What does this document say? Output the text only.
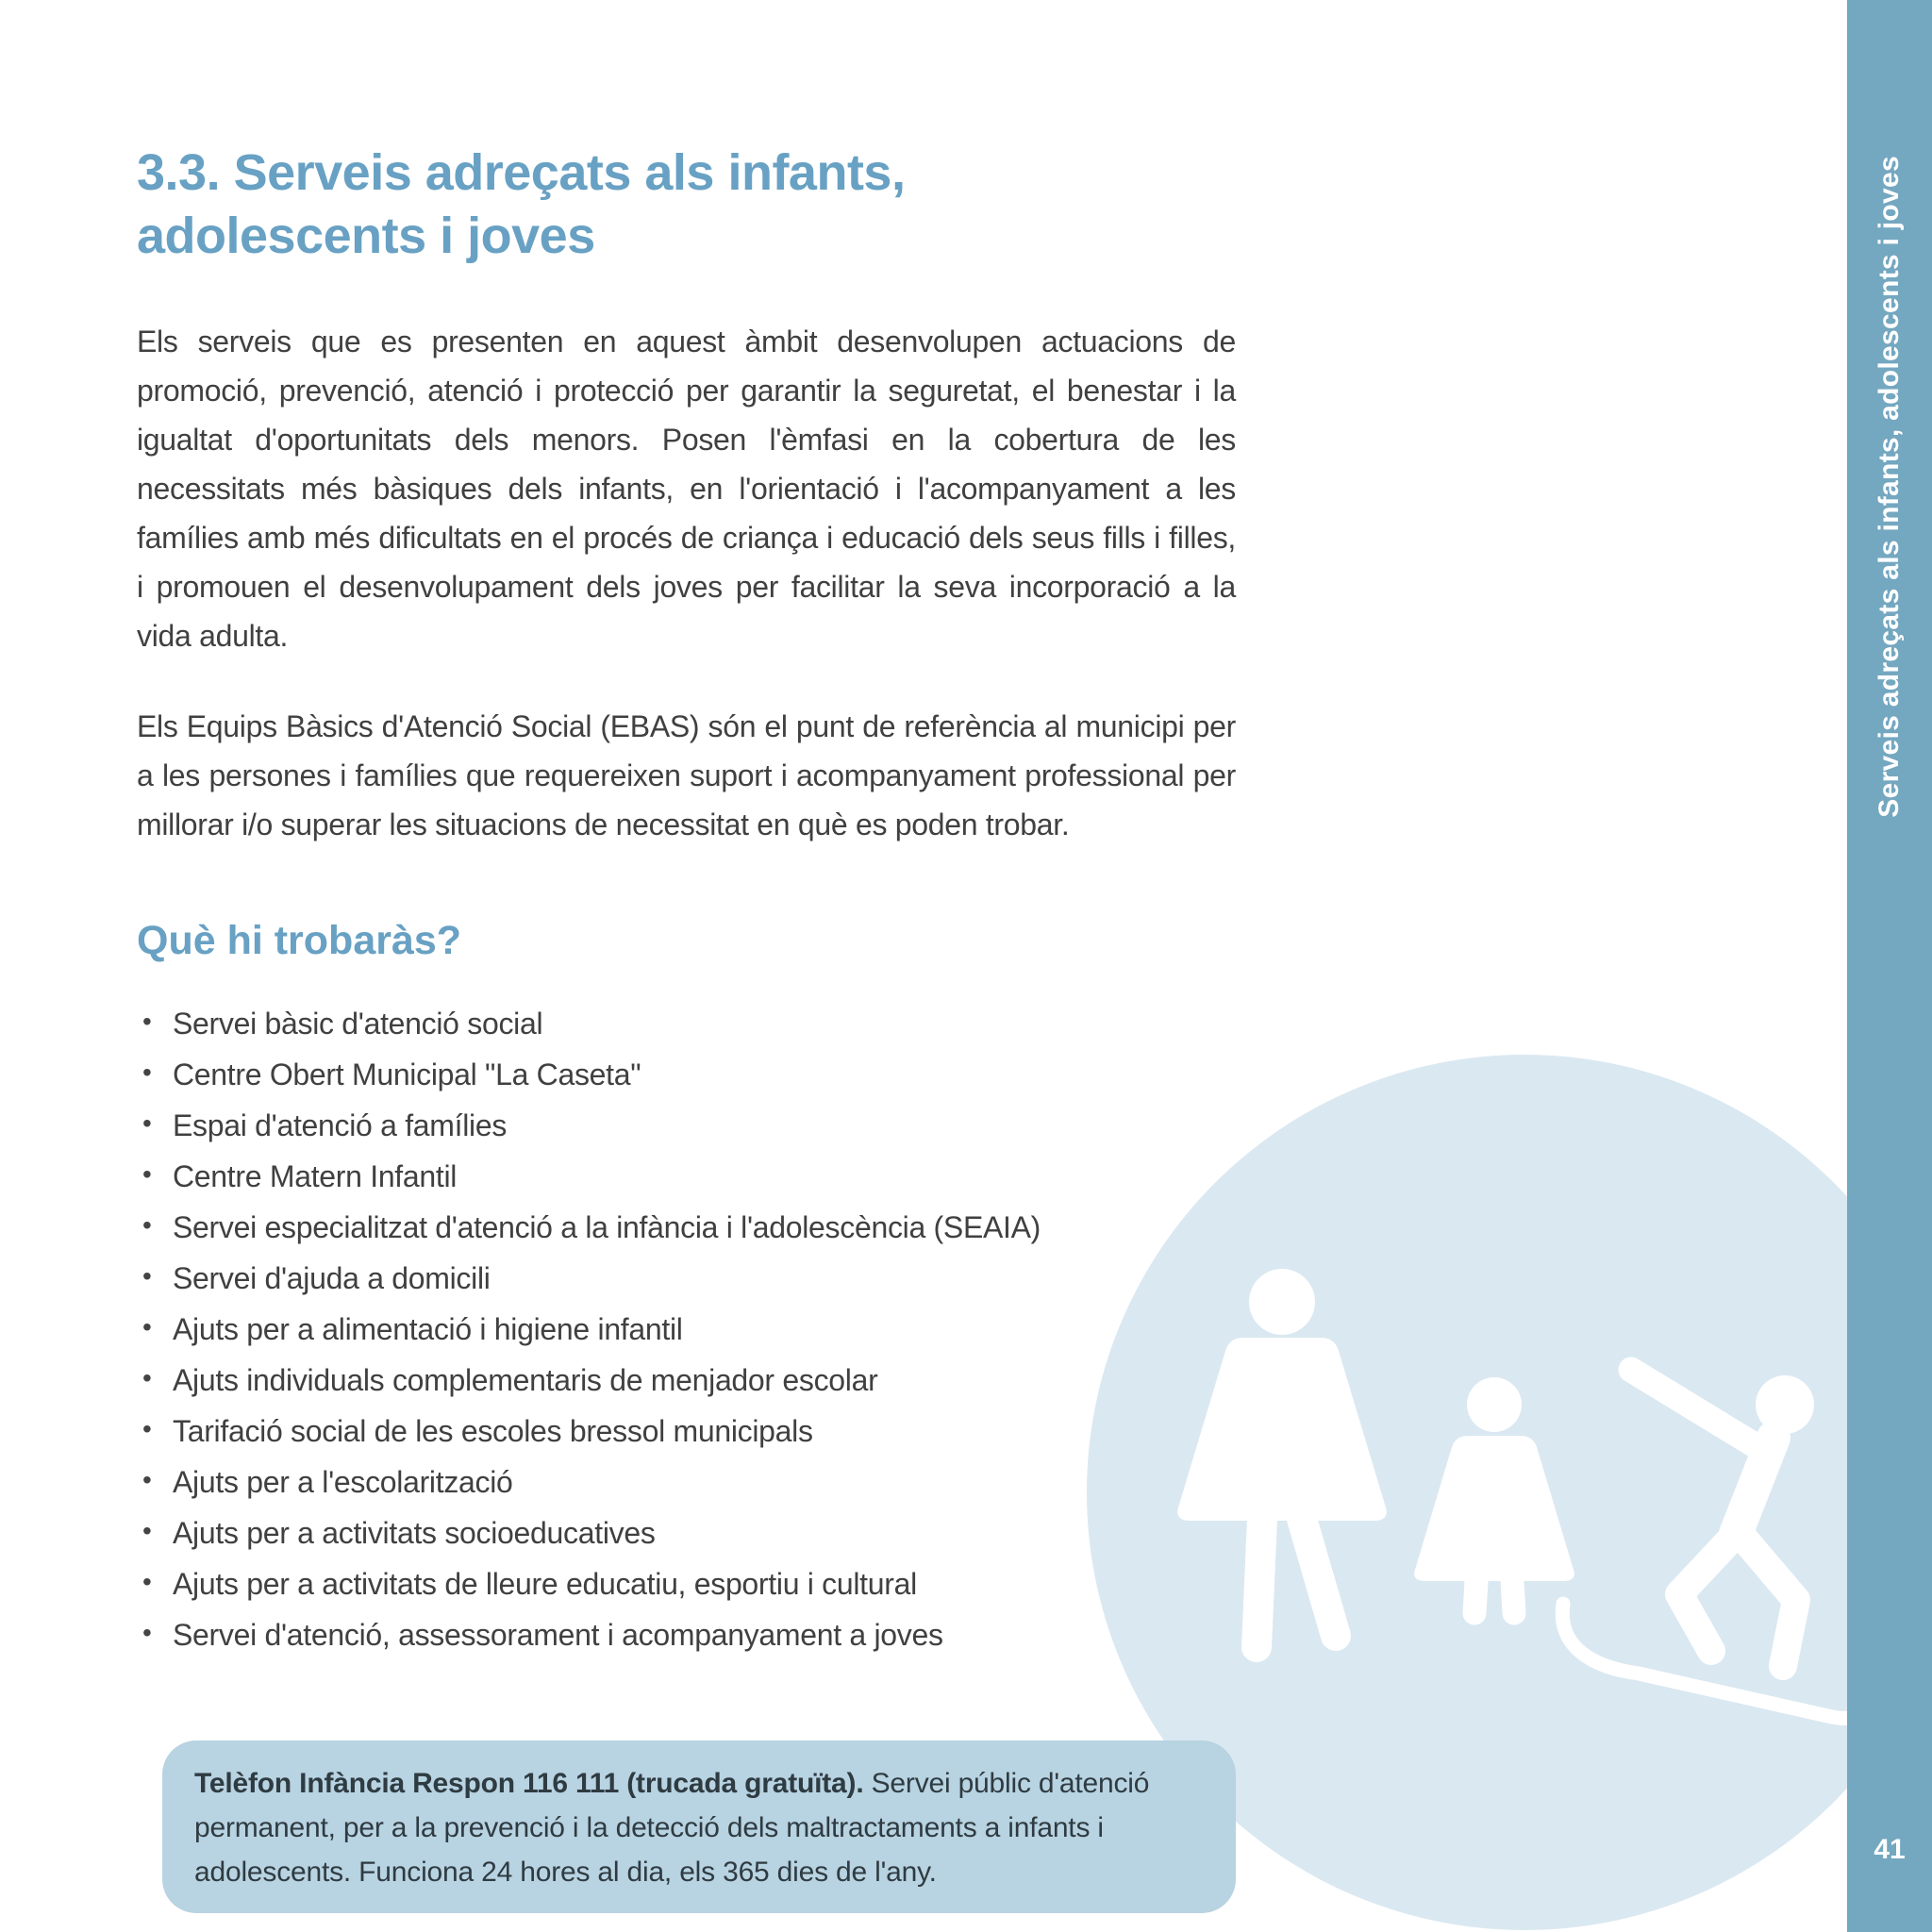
3.3. Serveis adreçats als infants,
adolescents i joves

Els serveis que es presenten en aquest àmbit desenvolupen actuacions de promoció, prevenció, atenció i protecció per garantir la seguretat, el benestar i la igualtat d'oportunitats dels menors. Posen l'èmfasi en la cobertura de les necessitats més bàsiques dels infants, en l'orientació i l'acompanyament a les famílies amb més dificultats en el procés de criança i educació dels seus fills i filles, i promouen el desenvolupament dels joves per facilitar la seva incorporació a la vida adulta.

Els Equips Bàsics d'Atenció Social (EBAS) són el punt de referència al municipi per a les persones i famílies que requereixen suport i acompanyament professional per millorar i/o superar les situacions de necessitat en què es poden trobar.

Què hi trobaràs?
• Servei bàsic d'atenció social
• Centre Obert Municipal "La Caseta"
• Espai d'atenció a famílies
• Centre Matern Infantil
• Servei especialitzat d'atenció a la infància i l'adolescència (SEAIA)
• Servei d'ajuda a domicili
• Ajuts per a alimentació i higiene infantil
• Ajuts individuals complementaris de menjador escolar
• Tarifació social de les escoles bressol municipals
• Ajuts per a l'escolarització
• Ajuts per a activitats socioeducatives
• Ajuts per a activitats de lleure educatiu, esportiu i cultural
• Servei d'atenció, assessorament i acompanyament a joves
Telèfon Infància Respon 116 111 (trucada gratuïta). Servei públic d'atenció permanent, per a la prevenció i la detecció dels maltractaments a infants i adolescents. Funciona 24 hores al dia, els 365 dies de l'any.
Serveis adreçats als infants, adolescents i joves
41
